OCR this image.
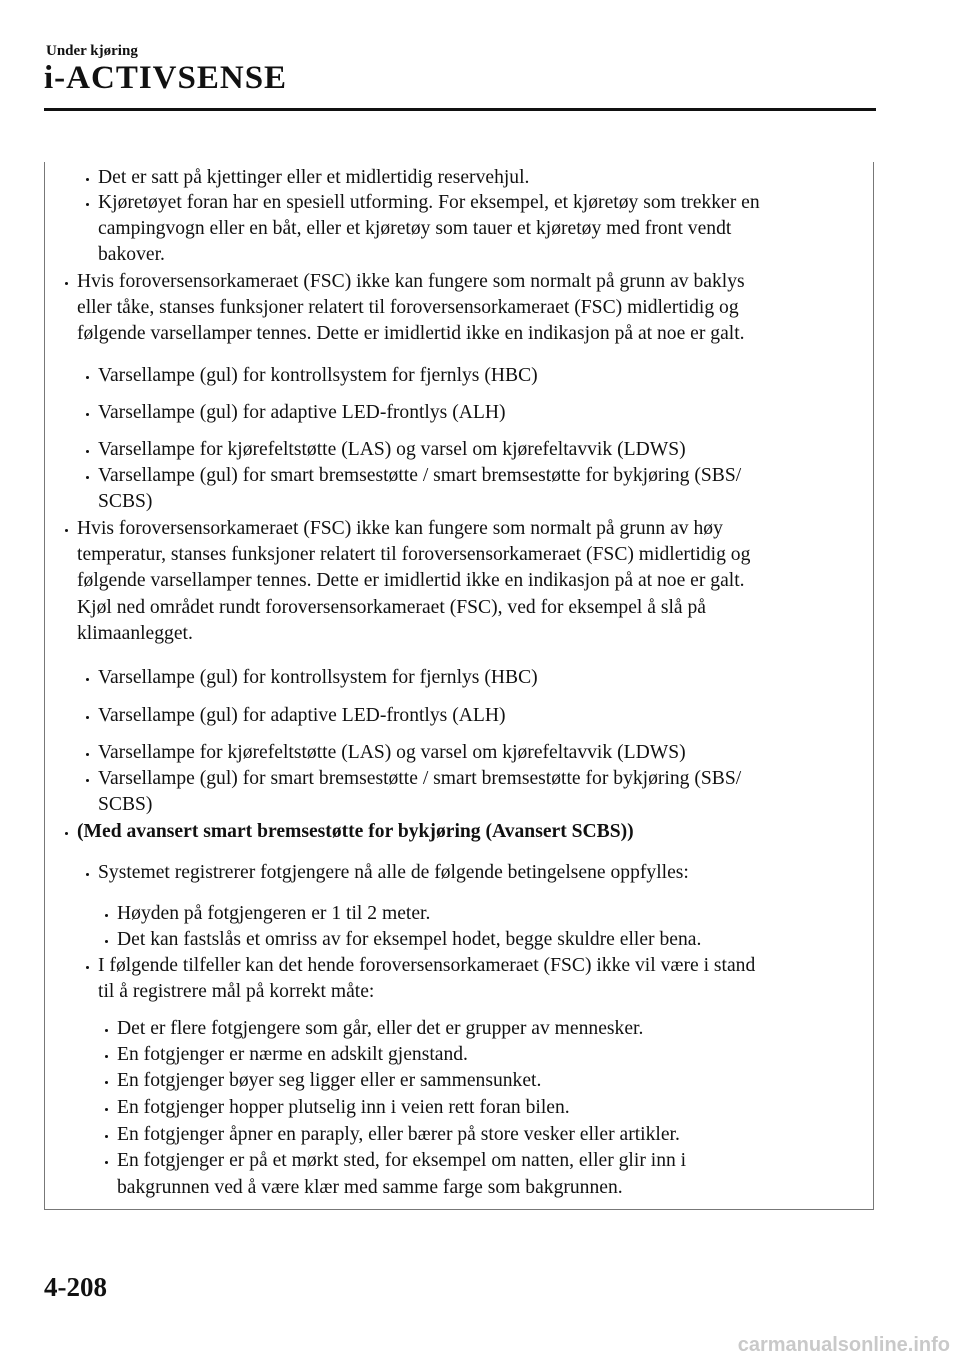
Under kjøring
i-ACTIVSENSE
Det er satt på kjettinger eller et midlertidig reservehjul.
Kjøretøyet foran har en spesiell utforming. For eksempel, et kjøretøy som trekker en
campingvogn eller en båt, eller et kjøretøy som tauer et kjøretøy med front vendt
bakover.
Hvis foroversensorkameraet (FSC) ikke kan fungere som normalt på grunn av baklys
eller tåke, stanses funksjoner relatert til foroversensorkameraet (FSC) midlertidig og
følgende varsellamper tennes. Dette er imidlertid ikke en indikasjon på at noe er galt.
Varsellampe (gul) for kontrollsystem for fjernlys (HBC)
Varsellampe (gul) for adaptive LED-frontlys (ALH)
Varsellampe for kjørefeltstøtte (LAS) og varsel om kjørefeltavvik (LDWS)
Varsellampe (gul) for smart bremsestøtte / smart bremsestøtte for bykjøring (SBS/
SCBS)
Hvis foroversensorkameraet (FSC) ikke kan fungere som normalt på grunn av høy
temperatur, stanses funksjoner relatert til foroversensorkameraet (FSC) midlertidig og
følgende varsellamper tennes. Dette er imidlertid ikke en indikasjon på at noe er galt.
Kjøl ned området rundt foroversensorkameraet (FSC), ved for eksempel å slå på
klimaanlegget.
Varsellampe (gul) for kontrollsystem for fjernlys (HBC)
Varsellampe (gul) for adaptive LED-frontlys (ALH)
Varsellampe for kjørefeltstøtte (LAS) og varsel om kjørefeltavvik (LDWS)
Varsellampe (gul) for smart bremsestøtte / smart bremsestøtte for bykjøring (SBS/
SCBS)
(Med avansert smart bremsestøtte for bykjøring (Avansert SCBS))
Systemet registrerer fotgjengere nå alle de følgende betingelsene oppfylles:
Høyden på fotgjengeren er 1 til 2 meter.
Det kan fastslås et omriss av for eksempel hodet, begge skuldre eller bena.
I følgende tilfeller kan det hende foroversensorkameraet (FSC) ikke vil være i stand
til å registrere mål på korrekt måte:
Det er flere fotgjengere som går, eller det er grupper av mennesker.
En fotgjenger er nærme en adskilt gjenstand.
En fotgjenger bøyer seg ligger eller er sammensunket.
En fotgjenger hopper plutselig inn i veien rett foran bilen.
En fotgjenger åpner en paraply, eller bærer på store vesker eller artikler.
En fotgjenger er på et mørkt sted, for eksempel om natten, eller glir inn i
bakgrunnen ved å være klær med samme farge som bakgrunnen.
4-208
carmanualsonline.info
